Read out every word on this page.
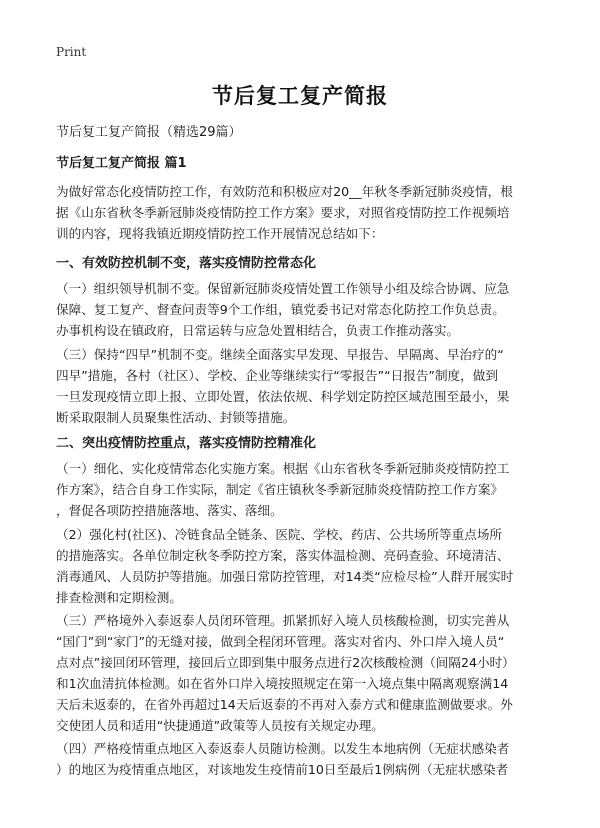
Print
节后复工复产简报
节后复工复产简报（精选29篇）
节后复工复产简报 篇1
为做好常态化疫情防控工作，有效防范和积极应对20__年秋冬季新冠肺炎疫情，根
据《山东省秋冬季新冠肺炎疫情防控工作方案》要求，对照省疫情防控工作视频培
训的内容，现将我镇近期疫情防控工作开展情况总结如下：
一、有效防控机制不变，落实疫情防控常态化
（一）组织领导机制不变。保留新冠肺炎疫情处置工作领导小组及综合协调、应急
保障、复工复产、督查问责等9个工作组，镇党委书记对常态化防控工作负总责。
办事机构设在镇政府，日常运转与应急处置相结合，负责工作推动落实。
（三）保持“四早”机制不变。继续全面落实早发现、早报告、早隔离、早治疗的“
四早”措施，各村（社区）、学校、企业等继续实行“零报告”“日报告”制度，做到
一旦发现疫情立即上报、立即处置，依法依规、科学划定防控区域范围至最小，果
断采取限制人员聚集性活动、封锁等措施。
二、突出疫情防控重点，落实疫情防控精准化
（一）细化、实化疫情常态化实施方案。根据《山东省秋冬季新冠肺炎疫情防控工
作方案》，结合自身工作实际，制定《省庄镇秋冬季新冠肺炎疫情防控工作方案》
，督促各项防控措施落地、落实、落细。
（2）强化村(社区)、冷链食品全链条、医院、学校、药店、公共场所等重点场所
的措施落实。各单位制定秋冬季防控方案，落实体温检测、亮码查验、环境清洁、
消毒通风、人员防护等措施。加强日常防控管理，对14类“应检尽检”人群开展实时
排查检测和定期检测。
（三）严格境外入泰返泰人员闭环管理。抓紧抓好入境人员核酸检测，切实完善从
“国门”到“家门”的无缝对接，做到全程闭环管理。落实对省内、外口岸入境人员“
点对点”接回闭环管理，接回后立即到集中服务点进行2次核酸检测（间隔24小时）
和1次血清抗体检测。如在省外口岸入境按照规定在第一入境点集中隔离观察满14
天后未返泰的，在省外再超过14天后返泰的不再对入泰方式和健康监测做要求。外
交使团人员和适用“快捷通道”政策等人员按有关规定办理。
（四）严格疫情重点地区入泰返泰人员随访检测。以发生本地病例（无症状感染者
）的地区为疫情重点地区，对该地发生疫情前10日至最后1例病例（无症状感染者
